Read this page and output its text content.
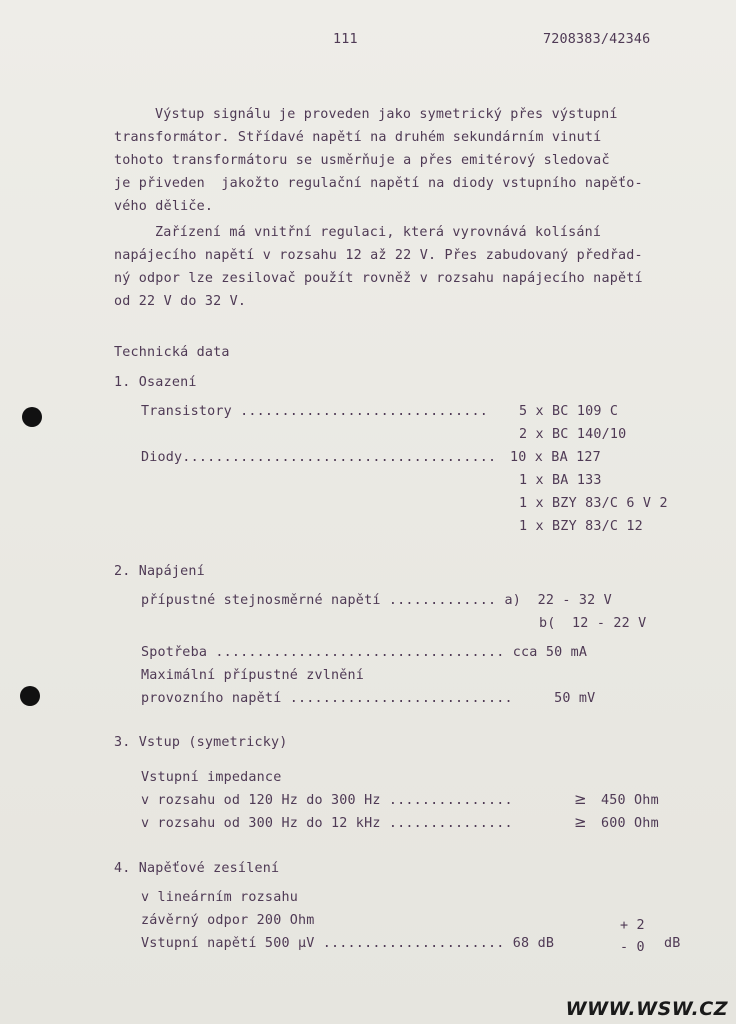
111	7208383/42346
Výstup signálu je proveden jako symetrický přes výstupní
transformátor. Střídavé napětí na druhém sekundárním vinutí
tohoto transformátoru se usměrňuje a přes emitérový sledovač
je přiveden  jakožto regulační napětí na diody vstupního napěťo-
vého děliče.
Zařízení má vnitřní regulaci, která vyrovnává kolísání
napájecího napětí v rozsahu 12 až 22 V. Přes zabudovaný předřad-
ný odpor lze zesilovač použít rovněž v rozsahu napájecího napětí
od 22 V do 32 V.
Technická data
1. Osazení
Transistory .............................. 5 x BC 109 C
2 x BC 140/10
Diody...................................... 10 x BA 127
1 x BA 133
1 x BZY 83/C 6 V 2
1 x BZY 83/C 12
2. Napájení
přípustné stejnosměrné napětí ............. a)  22 - 32 V
b(  12 - 22 V
Spotřeba ................................... cca 50 mA
Maximální přípustné zvlnění
provozního napětí ...........................     50 mV
3. Vstup (symetricky)
Vstupní impedance
v rozsahu od 120 Hz do 300 Hz ...............	≥ 450 Ohm
v rozsahu od 300 Hz do 12 kHz ...............	≥ 600 Ohm
4. Napěťové zesílení
v lineárním rozsahu
závěrný odpor 200 Ohm
Vstupní napětí 500 μV ...................... 68 dB
+ 2
- 0 dB
WWW.WSW.CZ
